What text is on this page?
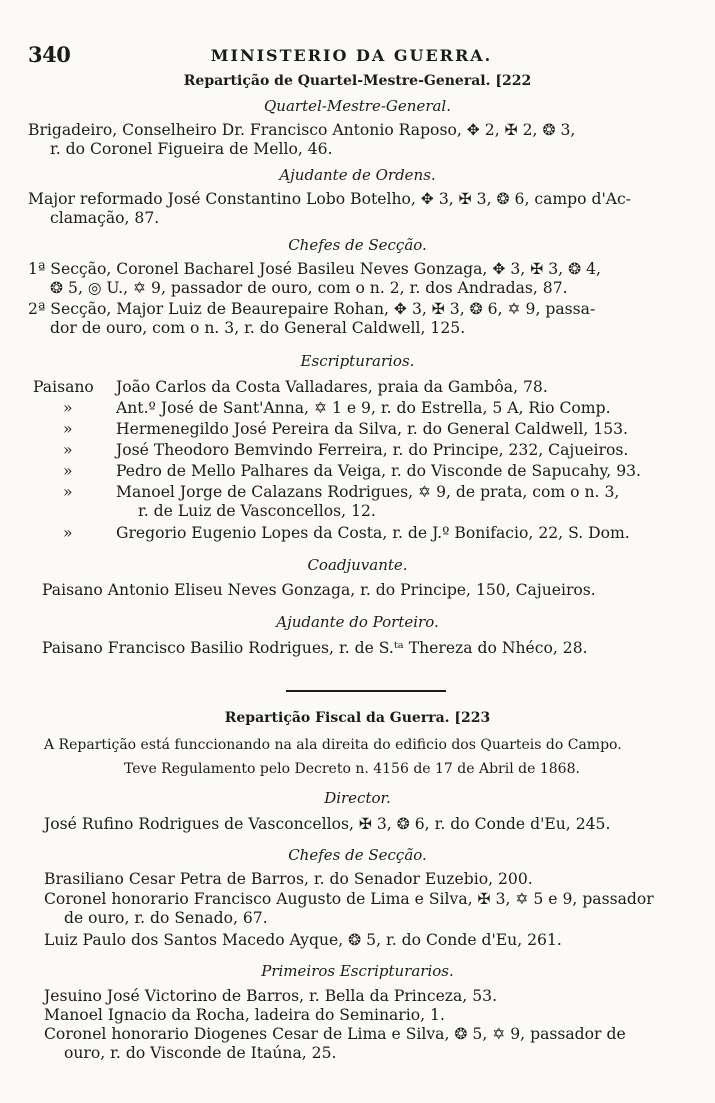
340	MINISTERIO DA GUERRA.
Repartição de Quartel-Mestre-General. [222
Quartel-Mestre-General.
Brigadeiro, Conselheiro Dr. Francisco Antonio Raposo, ✥ 2, ✠ 2, ❂ 3,
r. do Coronel Figueira de Mello, 46.
Ajudante de Ordens.
Major reformado José Constantino Lobo Botelho, ✥ 3, ✠ 3, ❂ 6, campo d'Ac-
clamação, 87.
Chefes de Secção.
1ª Secção, Coronel Bacharel José Basileu Neves Gonzaga, ✥ 3, ✠ 3, ❂ 4,
❂ 5, ◎ U., ✡ 9, passador de ouro, com o n. 2, r. dos Andradas, 87.
2ª Secção, Major Luiz de Beaurepaire Rohan, ✥ 3, ✠ 3, ❂ 6, ✡ 9, passa-
dor de ouro, com o n. 3, r. do General Caldwell, 125.
Escripturarios.
Paisano João Carlos da Costa Valladares, praia da Gambôa, 78.
»	Ant.º José de Sant'Anna, ✡ 1 e 9, r. do Estrella, 5 A, Rio Comp.
»	Hermenegildo José Pereira da Silva, r. do General Caldwell, 153.
»	José Theodoro Bemvindo Ferreira, r. do Principe, 232, Cajueiros.
»	Pedro de Mello Palhares da Veiga, r. do Visconde de Sapucahy, 93.
»	Manoel Jorge de Calazans Rodrigues, ✡ 9, de prata, com o n. 3,
r. de Luiz de Vasconcellos, 12.
»	Gregorio Eugenio Lopes da Costa, r. de J.º Bonifacio, 22, S. Dom.
Coadjuvante.
Paisano Antonio Eliseu Neves Gonzaga, r. do Principe, 150, Cajueiros.
Ajudante do Porteiro.
Paisano Francisco Basilio Rodrigues, r. de S.ᵗᵃ Thereza do Nhéco, 28.
Repartição Fiscal da Guerra. [223
A Repartição está funccionando na ala direita do edificio dos Quarteis do Campo.
Teve Regulamento pelo Decreto n. 4156 de 17 de Abril de 1868.
Director.
José Rufino Rodrigues de Vasconcellos, ✠ 3, ❂ 6, r. do Conde d'Eu, 245.
Chefes de Secção.
Brasiliano Cesar Petra de Barros, r. do Senador Euzebio, 200.
Coronel honorario Francisco Augusto de Lima e Silva, ✠ 3, ✡ 5 e 9, passador
de ouro, r. do Senado, 67.
Luiz Paulo dos Santos Macedo Ayque, ❂ 5, r. do Conde d'Eu, 261.
Primeiros Escripturarios.
Jesuino José Victorino de Barros, r. Bella da Princeza, 53.
Manoel Ignacio da Rocha, ladeira do Seminario, 1.
Coronel honorario Diogenes Cesar de Lima e Silva, ❂ 5, ✡ 9, passador de
ouro, r. do Visconde de Itaúna, 25.
